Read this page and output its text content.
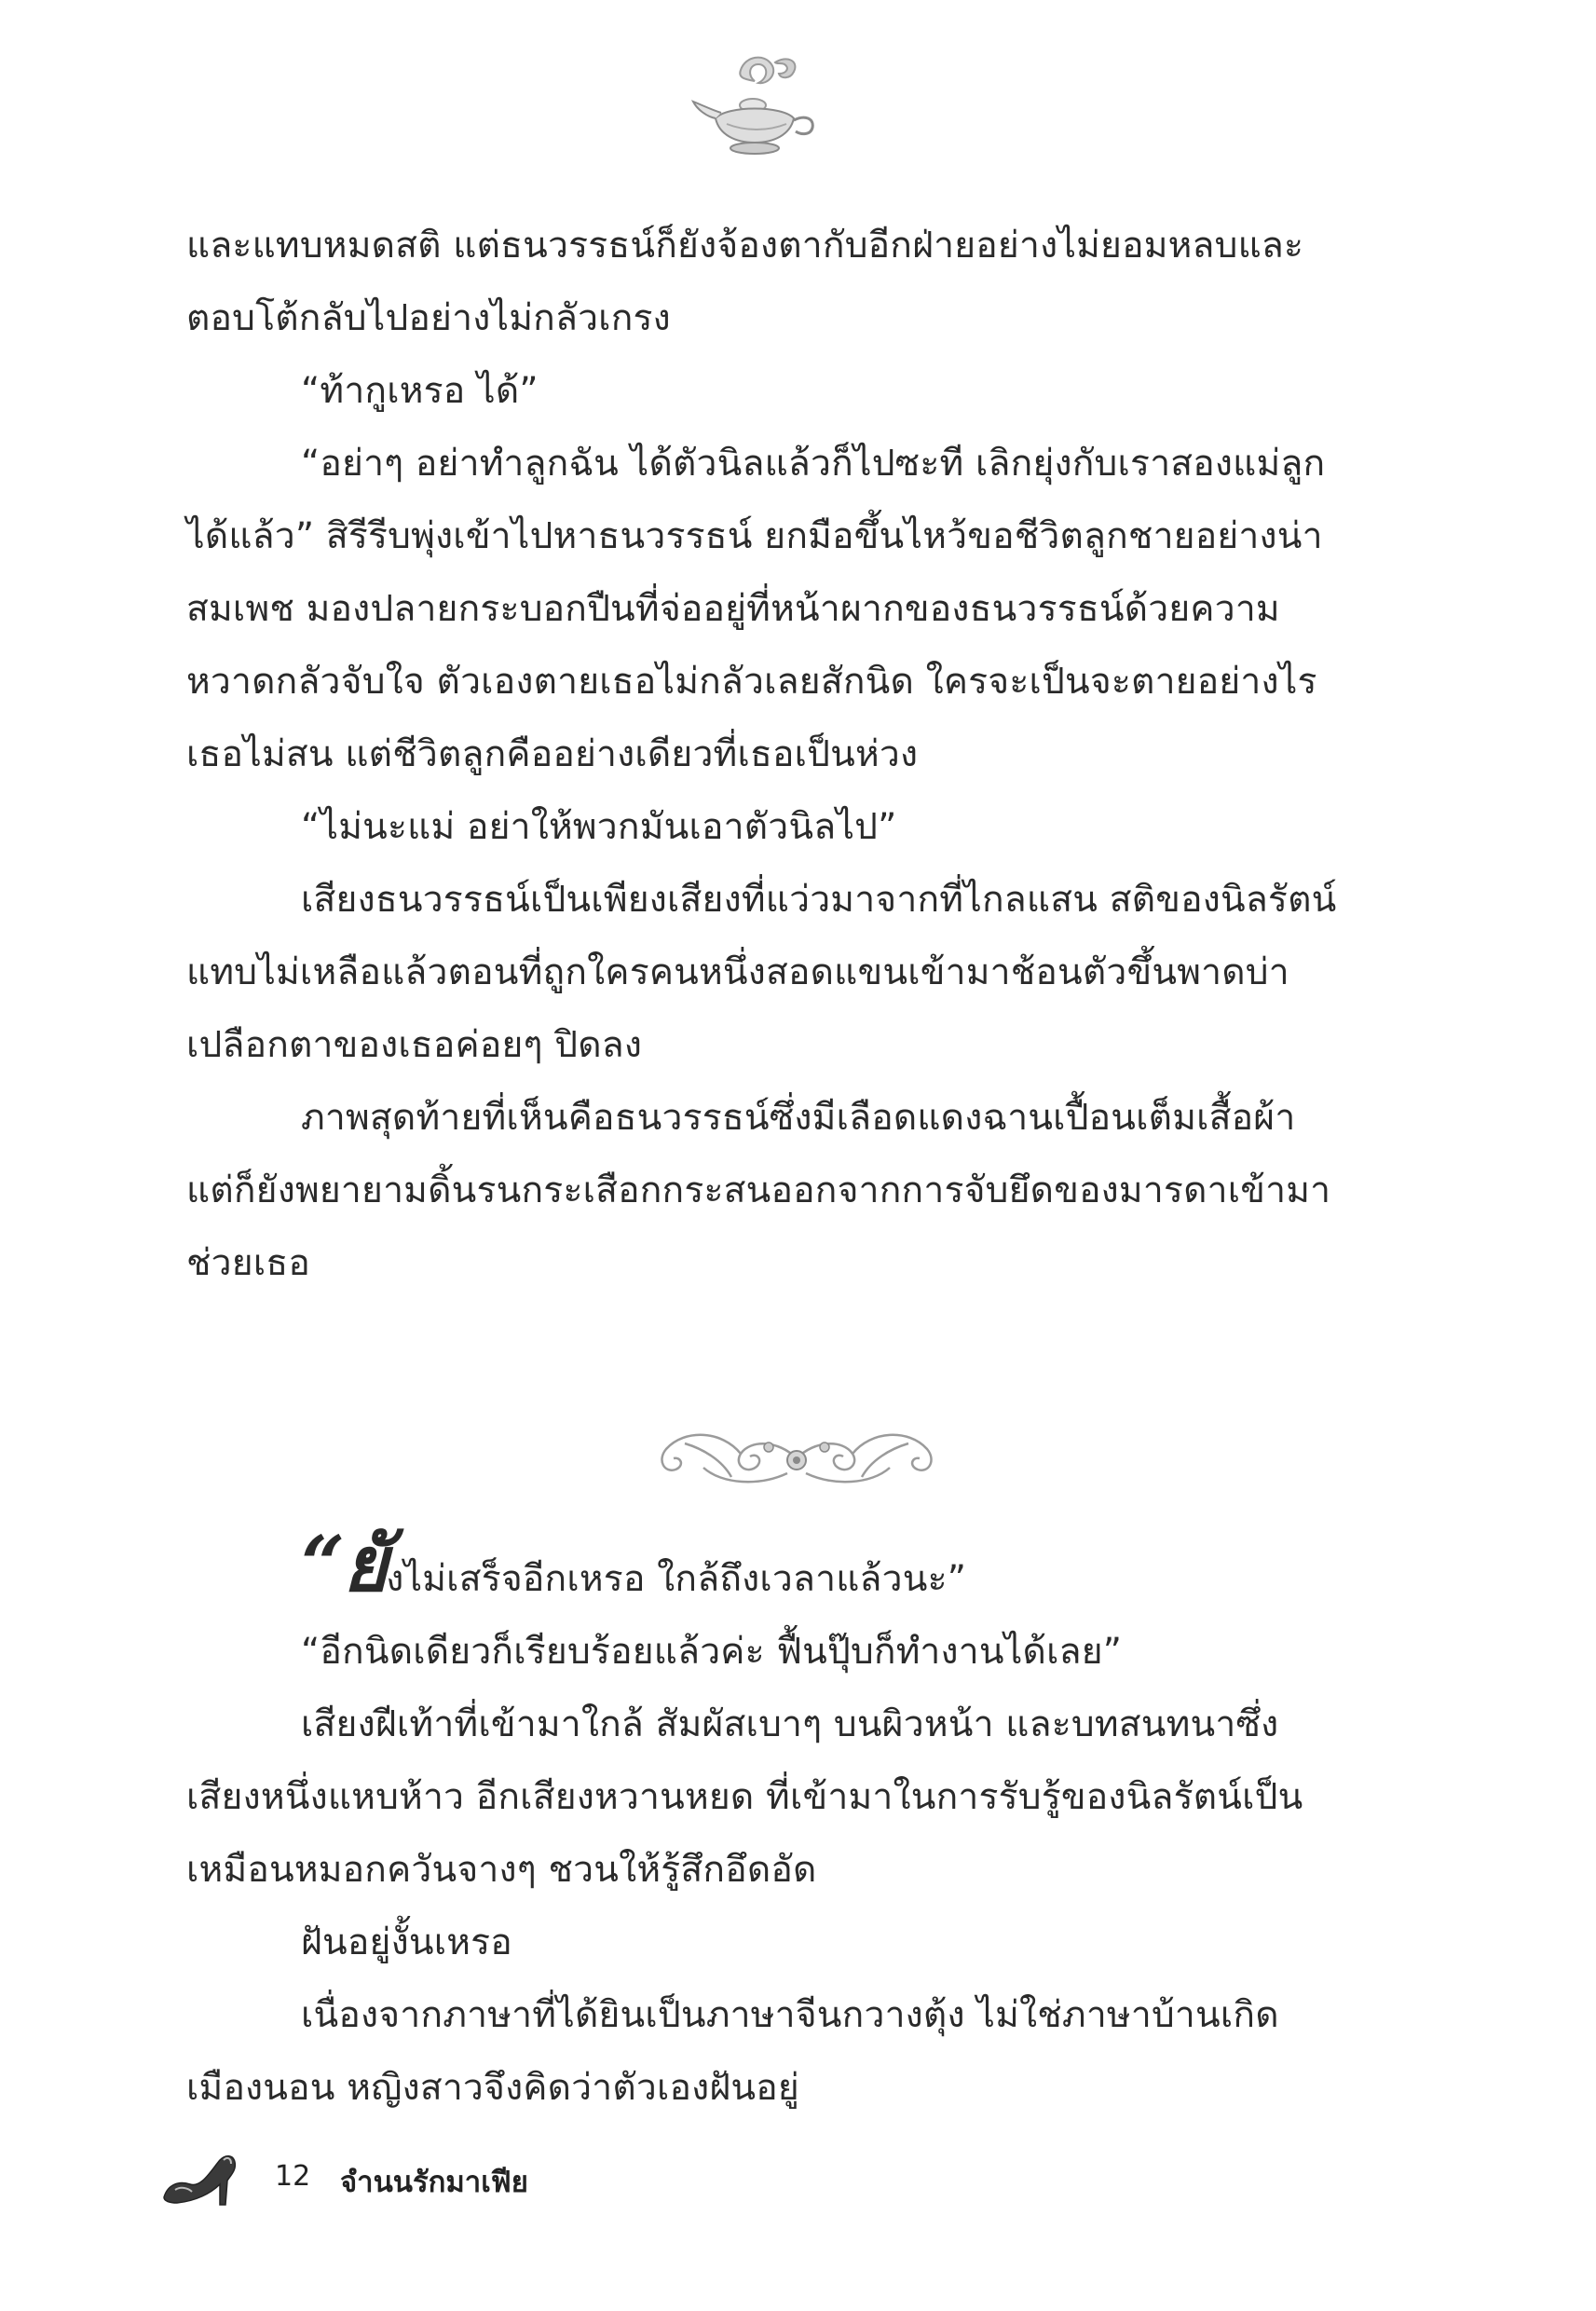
และแทบหมดสติ แต่ธนวรรธน์ก็ยังจ้องตากับอีกฝ่ายอย่างไม่ยอมหลบและตอบโต้กลับไปอย่างไม่กลัวเกรง

“ท้ากูเหรอ ได้”

“อย่าๆ อย่าทำลูกฉัน ได้ตัวนิลแล้วก็ไปซะที เลิกยุ่งกับเราสองแม่ลูกได้แล้ว” สิรีรีบพุ่งเข้าไปหาธนวรรธน์ ยกมือขึ้นไหว้ขอชีวิตลูกชายอย่างน่าสมเพช มองปลายกระบอกปืนที่จ่ออยู่ที่หน้าผากของธนวรรธน์ด้วยความหวาดกลัวจับใจ ตัวเองตายเธอไม่กลัวเลยสักนิด ใครจะเป็นจะตายอย่างไรเธอไม่สน แต่ชีวิตลูกคืออย่างเดียวที่เธอเป็นห่วง

“ไม่นะแม่ อย่าให้พวกมันเอาตัวนิลไป”

เสียงธนวรรธน์เป็นเพียงเสียงที่แว่วมาจากที่ไกลแสน สติของนิลรัตน์แทบไม่เหลือแล้วตอนที่ถูกใครคนหนึ่งสอดแขนเข้ามาช้อนตัวขึ้นพาดบ่า เปลือกตาของเธอค่อยๆ ปิดลง

ภาพสุดท้ายที่เห็นคือธนวรรธน์ซึ่งมีเลือดแดงฉานเปื้อนเต็มเสื้อผ้าแต่ก็ยังพยายามดิ้นรนกระเสือกกระสนออกจากการจับยึดของมารดาเข้ามาช่วยเธอ

“ยังไม่เสร็จอีกเหรอ ใกล้ถึงเวลาแล้วนะ”

“อีกนิดเดียวก็เรียบร้อยแล้วค่ะ ฟื้นปุ๊บก็ทำงานได้เลย”

เสียงฝีเท้าที่เข้ามาใกล้ สัมผัสเบาๆ บนผิวหน้า และบทสนทนาซึ่งเสียงหนึ่งแหบห้าว อีกเสียงหวานหยด ที่เข้ามาในการรับรู้ของนิลรัตน์เป็นเหมือนหมอกควันจางๆ ชวนให้รู้สึกอึดอัด

ฝันอยู่งั้นเหรอ

เนื่องจากภาษาที่ได้ยินเป็นภาษาจีนกวางตุ้ง ไม่ใช่ภาษาบ้านเกิดเมืองนอน หญิงสาวจึงคิดว่าตัวเองฝันอยู่

12 จำนนรักมาเฟีย
